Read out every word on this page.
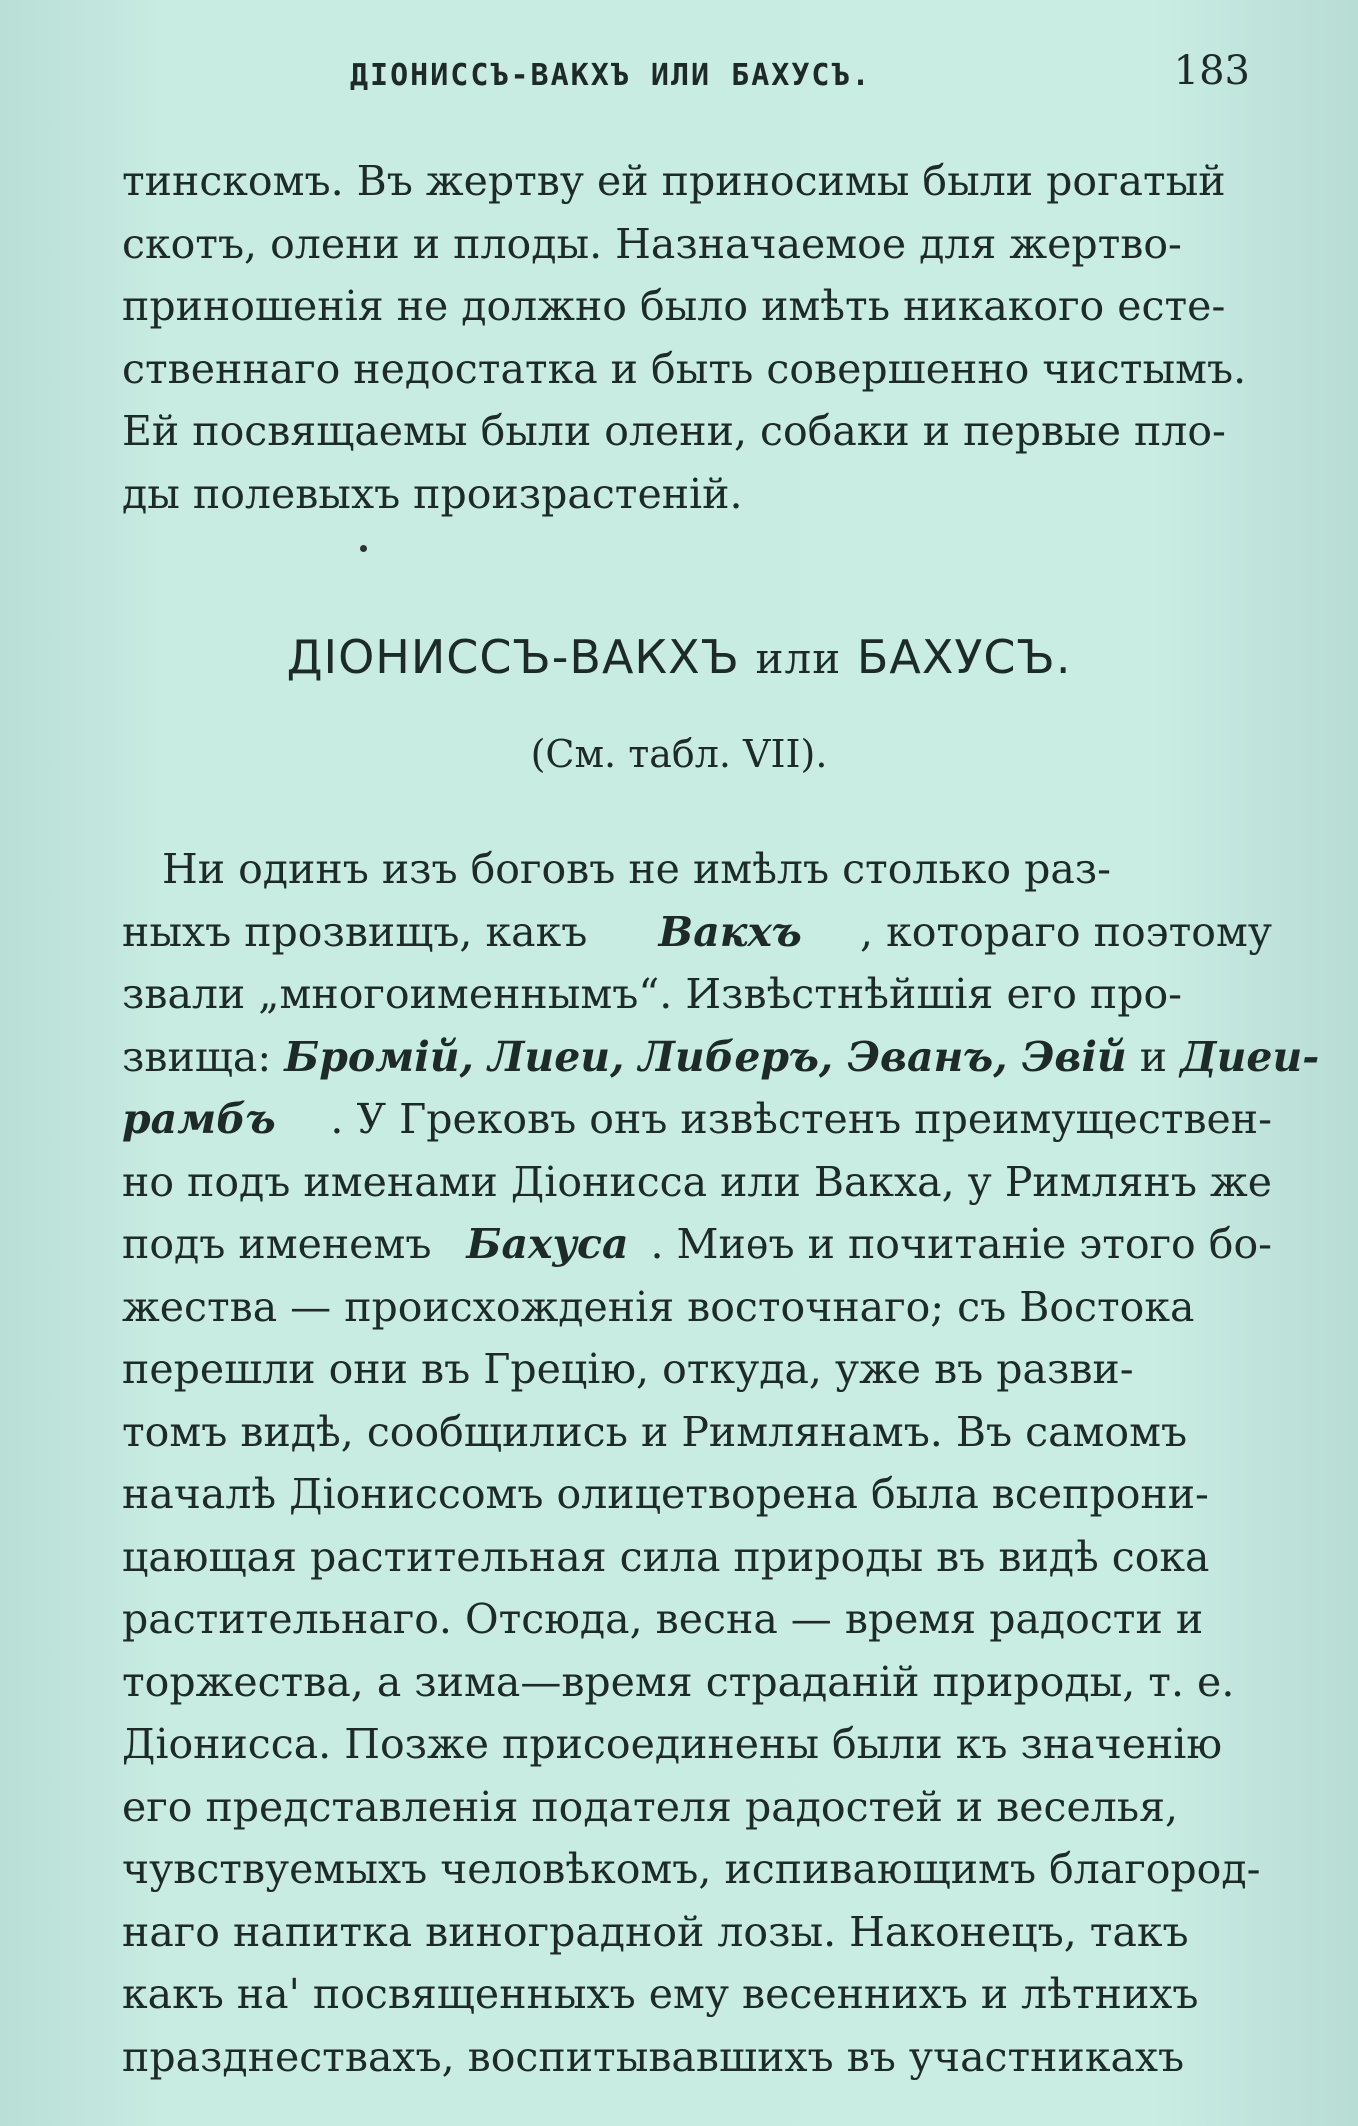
ДІОНИССЪ-ВАКХЪ ИЛИ БАХУСЪ.	183
тинскомъ. Въ жертву ей приносимы были рогатый
скотъ, олени и плоды. Назначаемое для жертво-
приношенія не должно было имѣть никакого есте-
ственнаго недостатка и быть совершенно чистымъ.
Ей посвящаемы были олени, собаки и первые пло-
ды полевыхъ произрастеній.
ДІОНИССЪ-ВАКХЪ или БАХУСЪ.
(См. табл. VII).
Ни одинъ изъ боговъ не имѣлъ столько раз-
ныхъ прозвищъ, какъ Вакхъ , котораго поэтому
звали „многоименнымъ“. Извѣстнѣйшія его про-
звища: Бромій, Лиеи, Либеръ, Эванъ, Эвій и Диеи-
рамбъ . У Грековъ онъ извѣстенъ преимуществен-
но подъ именами Діонисса или Вакха, у Римлянъ же
подъ именемъ Бахуса . Миѳъ и почитаніе этого бо-
жества — происхожденія восточнаго; съ Востока
перешли они въ Грецію, откуда, уже въ разви-
томъ видѣ, сообщились и Римлянамъ. Въ самомъ
началѣ Діониссомъ олицетворена была всепрони-
цающая растительная сила природы въ видѣ сока
растительнаго. Отсюда, весна — время радости и
торжества, а зима—время страданій природы, т. е.
Діонисса. Позже присоединены были къ значенію
его представленія подателя радостей и веселья,
чувствуемыхъ человѣкомъ, испивающимъ благород-
наго напитка виноградной лозы. Наконецъ, такъ
какъ на' посвященныхъ ему весеннихъ и лѣтнихъ
празднествахъ, воспитывавшихъ въ участникахъ
